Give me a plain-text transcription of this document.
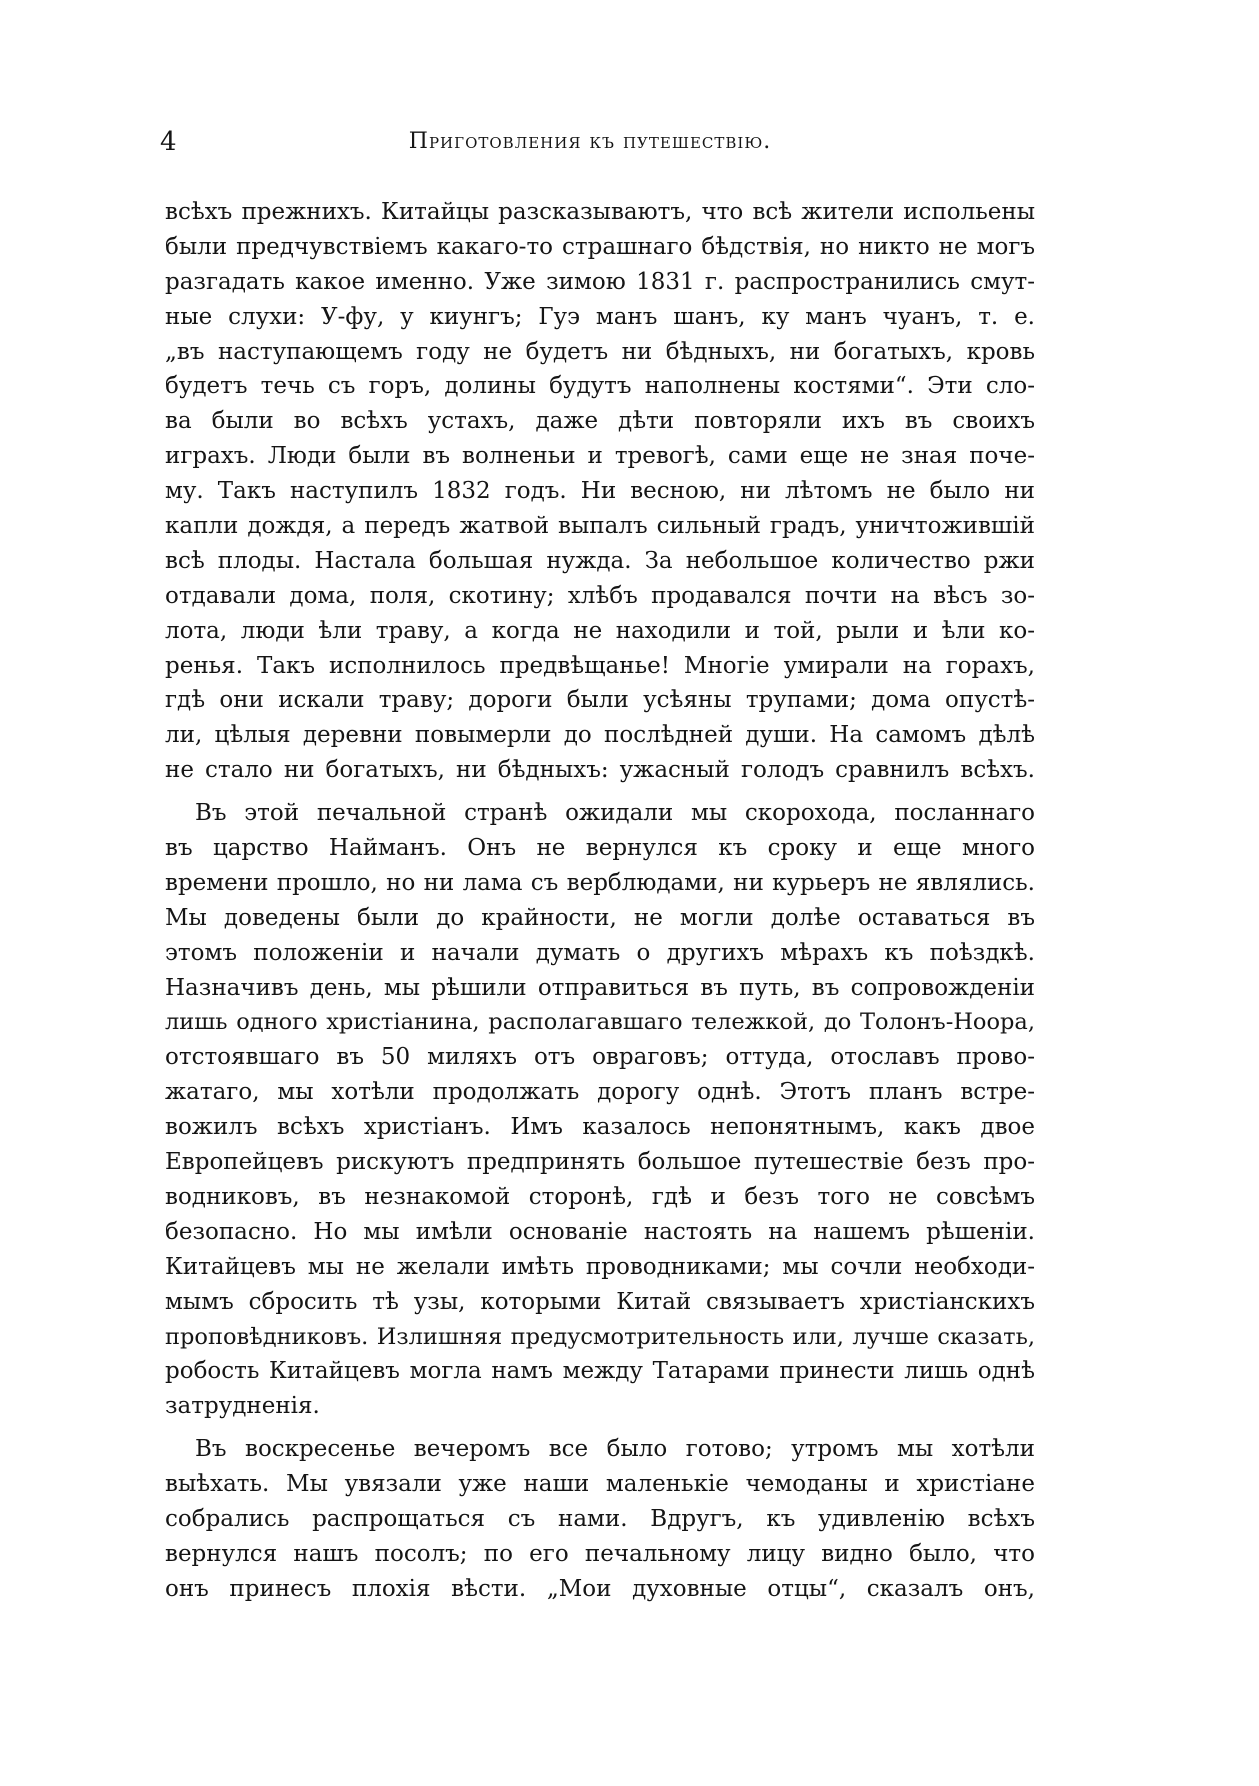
4	Приготовления къ путешествію.
всѣхъ прежнихъ. Китайцы разсказываютъ, что всѣ жители испольены
были предчувствіемъ какаго-то страшнаго бѣдствія, но никто не могъ
разгадать какое именно. Уже зимою 1831 г. распространились смут-
ные слухи: У-фу, у киунгъ; Гуэ манъ шанъ, ку манъ чуанъ, т. е.
„въ наступающемъ году не будетъ ни бѣдныхъ, ни богатыхъ, кровь
будетъ течь съ горъ, долины будутъ наполнены костями“. Эти сло-
ва были во всѣхъ устахъ, даже дѣти повторяли ихъ въ своихъ
играхъ. Люди были въ волненьи и тревогѣ, сами еще не зная поче-
му. Такъ наступилъ 1832 годъ. Ни весною, ни лѣтомъ не было ни
капли дождя, а передъ жатвой выпалъ сильный градъ, уничтожившій
всѣ плоды. Настала большая нужда. За небольшое количество ржи
отдавали дома, поля, скотину; хлѣбъ продавался почти на вѣсъ зо-
лота, люди ѣли траву, а когда не находили и той, рыли и ѣли ко-
ренья. Такъ исполнилось предвѣщанье! Многіе умирали на горахъ,
гдѣ они искали траву; дороги были усѣяны трупами; дома опустѣ-
ли, цѣлыя деревни повымерли до послѣдней души. На самомъ дѣлѣ
не стало ни богатыхъ, ни бѣдныхъ: ужасный голодъ сравнилъ всѣхъ.
Въ этой печальной странѣ ожидали мы скорохода, посланнаго
въ царство Найманъ. Онъ не вернулся къ сроку и еще много
времени прошло, но ни лама съ верблюдами, ни курьеръ не являлись.
Мы доведены были до крайности, не могли долѣе оставаться въ
этомъ положеніи и начали думать о другихъ мѣрахъ къ поѣздкѣ.
Назначивъ день, мы рѣшили отправиться въ путь, въ сопровожденіи
лишь одного христіанина, располагавшаго тележкой, до Толонъ-Ноора,
отстоявшаго въ 50 миляхъ отъ овраговъ; оттуда, отославъ прово-
жатаго, мы хотѣли продолжать дорогу однѣ. Этотъ планъ встре-
вожилъ всѣхъ христіанъ. Имъ казалось непонятнымъ, какъ двое
Европейцевъ рискуютъ предпринять большое путешествіе безъ про-
водниковъ, въ незнакомой сторонѣ, гдѣ и безъ того не совсѣмъ
безопасно. Но мы имѣли основаніе настоять на нашемъ рѣшеніи.
Китайцевъ мы не желали имѣть проводниками; мы сочли необходи-
мымъ сбросить тѣ узы, которыми Китай связываетъ христіанскихъ
проповѣдниковъ. Излишняя предусмотрительность или, лучше сказать,
робость Китайцевъ могла намъ между Татарами принести лишь однѣ
затрудненія.
Въ воскресенье вечеромъ все было готово; утромъ мы хотѣли
выѣхать. Мы увязали уже наши маленькіе чемоданы и христіане
собрались распрощаться съ нами. Вдругъ, къ удивленію всѣхъ
вернулся нашъ посолъ; по его печальному лицу видно было, что
онъ принесъ плохія вѣсти. „Мои духовные отцы“, сказалъ онъ,
